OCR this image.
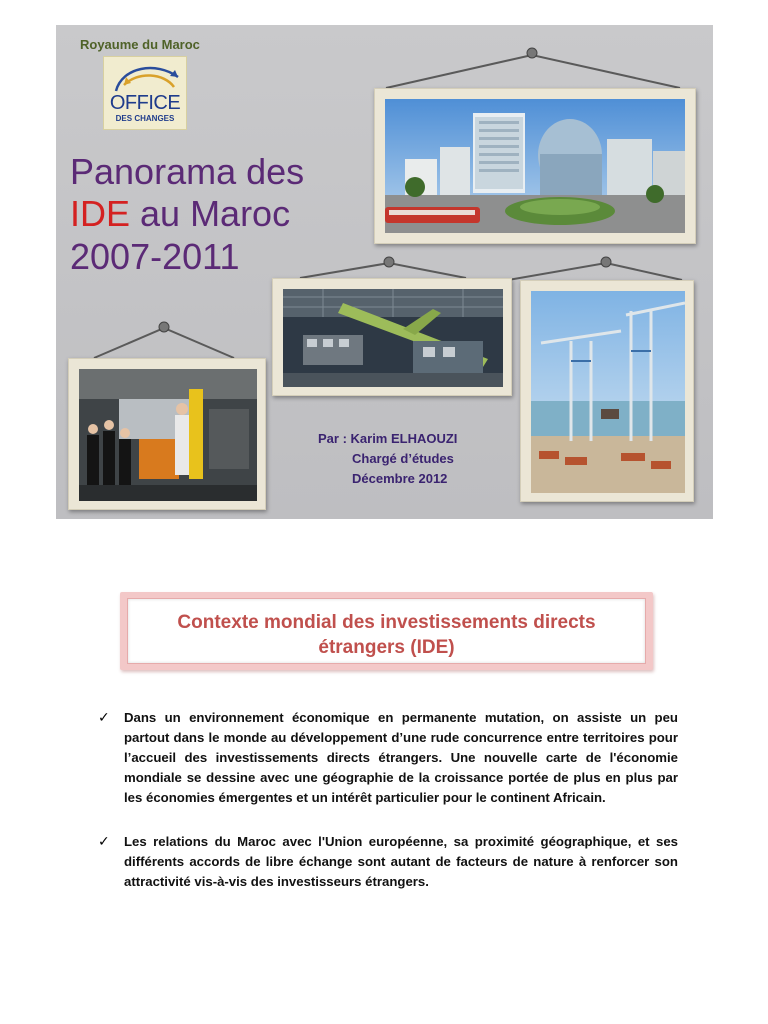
Royaume du Maroc
OFFICE
DES CHANGES
Panorama des
IDE au Maroc
2007-2011
Par : Karim ELHAOUZI
Chargé d’études
Décembre 2012
Contexte mondial des investissements directs
étrangers (IDE)
✓ Dans un environnement économique en permanente mutation, on assiste un peu partout dans le monde au développement d’une rude concurrence entre territoires pour l’accueil des investissements directs étrangers. Une nouvelle carte de l'économie mondiale se dessine avec une géographie de la croissance portée de plus en plus par les économies émergentes et un intérêt particulier pour le continent Africain.
✓ Les relations du Maroc avec l'Union européenne, sa proximité géographique, et ses différents accords de libre échange sont autant de facteurs de nature à renforcer son attractivité vis-à-vis des investisseurs étrangers.
